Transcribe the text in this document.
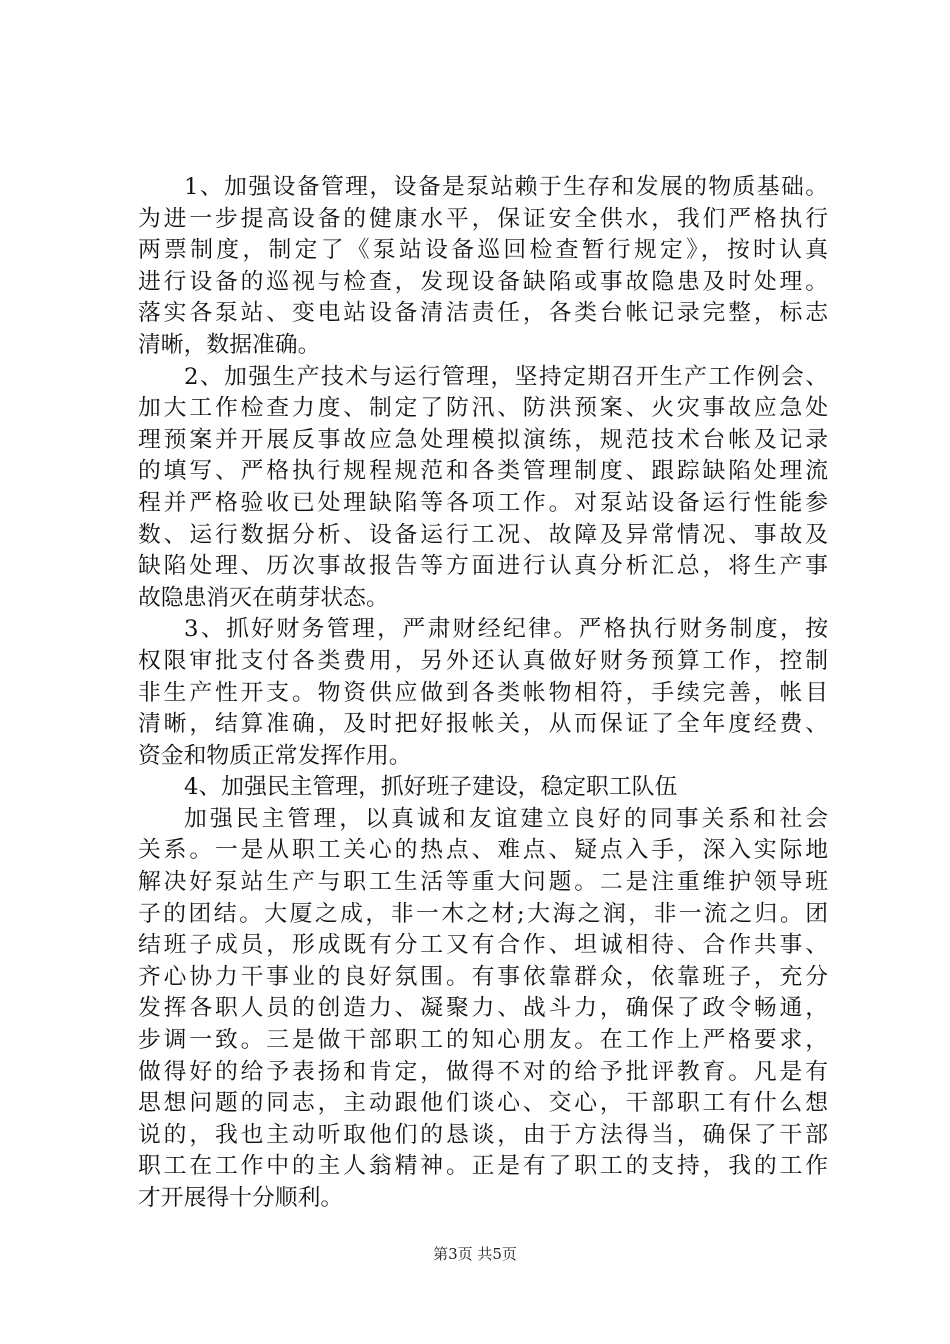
1、加强设备管理，设备是泵站赖于生存和发展的物质基础。
为进一步提高设备的健康水平，保证安全供水，我们严格执行
两票制度，制定了《泵站设备巡回检查暂行规定》，按时认真
进行设备的巡视与检查，发现设备缺陷或事故隐患及时处理。
落实各泵站、变电站设备清洁责任，各类台帐记录完整，标志
清晰，数据准确。
2、加强生产技术与运行管理，坚持定期召开生产工作例会、
加大工作检查力度、制定了防汛、防洪预案、火灾事故应急处
理预案并开展反事故应急处理模拟演练，规范技术台帐及记录
的填写、严格执行规程规范和各类管理制度、跟踪缺陷处理流
程并严格验收已处理缺陷等各项工作。对泵站设备运行性能参
数、运行数据分析、设备运行工况、故障及异常情况、事故及
缺陷处理、历次事故报告等方面进行认真分析汇总，将生产事
故隐患消灭在萌芽状态。
3、抓好财务管理，严肃财经纪律。严格执行财务制度，按
权限审批支付各类费用，另外还认真做好财务预算工作，控制
非生产性开支。物资供应做到各类帐物相符，手续完善，帐目
清晰，结算准确，及时把好报帐关，从而保证了全年度经费、
资金和物质正常发挥作用。
4、加强民主管理，抓好班子建设，稳定职工队伍
加强民主管理，以真诚和友谊建立良好的同事关系和社会
关系。一是从职工关心的热点、难点、疑点入手，深入实际地
解决好泵站生产与职工生活等重大问题。二是注重维护领导班
子的团结。大厦之成，非一木之材;大海之润，非一流之归。团
结班子成员，形成既有分工又有合作、坦诚相待、合作共事、
齐心协力干事业的良好氛围。有事依靠群众，依靠班子，充分
发挥各职人员的创造力、凝聚力、战斗力，确保了政令畅通，
步调一致。三是做干部职工的知心朋友。在工作上严格要求，
做得好的给予表扬和肯定，做得不对的给予批评教育。凡是有
思想问题的同志，主动跟他们谈心、交心，干部职工有什么想
说的，我也主动听取他们的恳谈，由于方法得当，确保了干部
职工在工作中的主人翁精神。正是有了职工的支持，我的工作
才开展得十分顺利。
第3页 共5页
